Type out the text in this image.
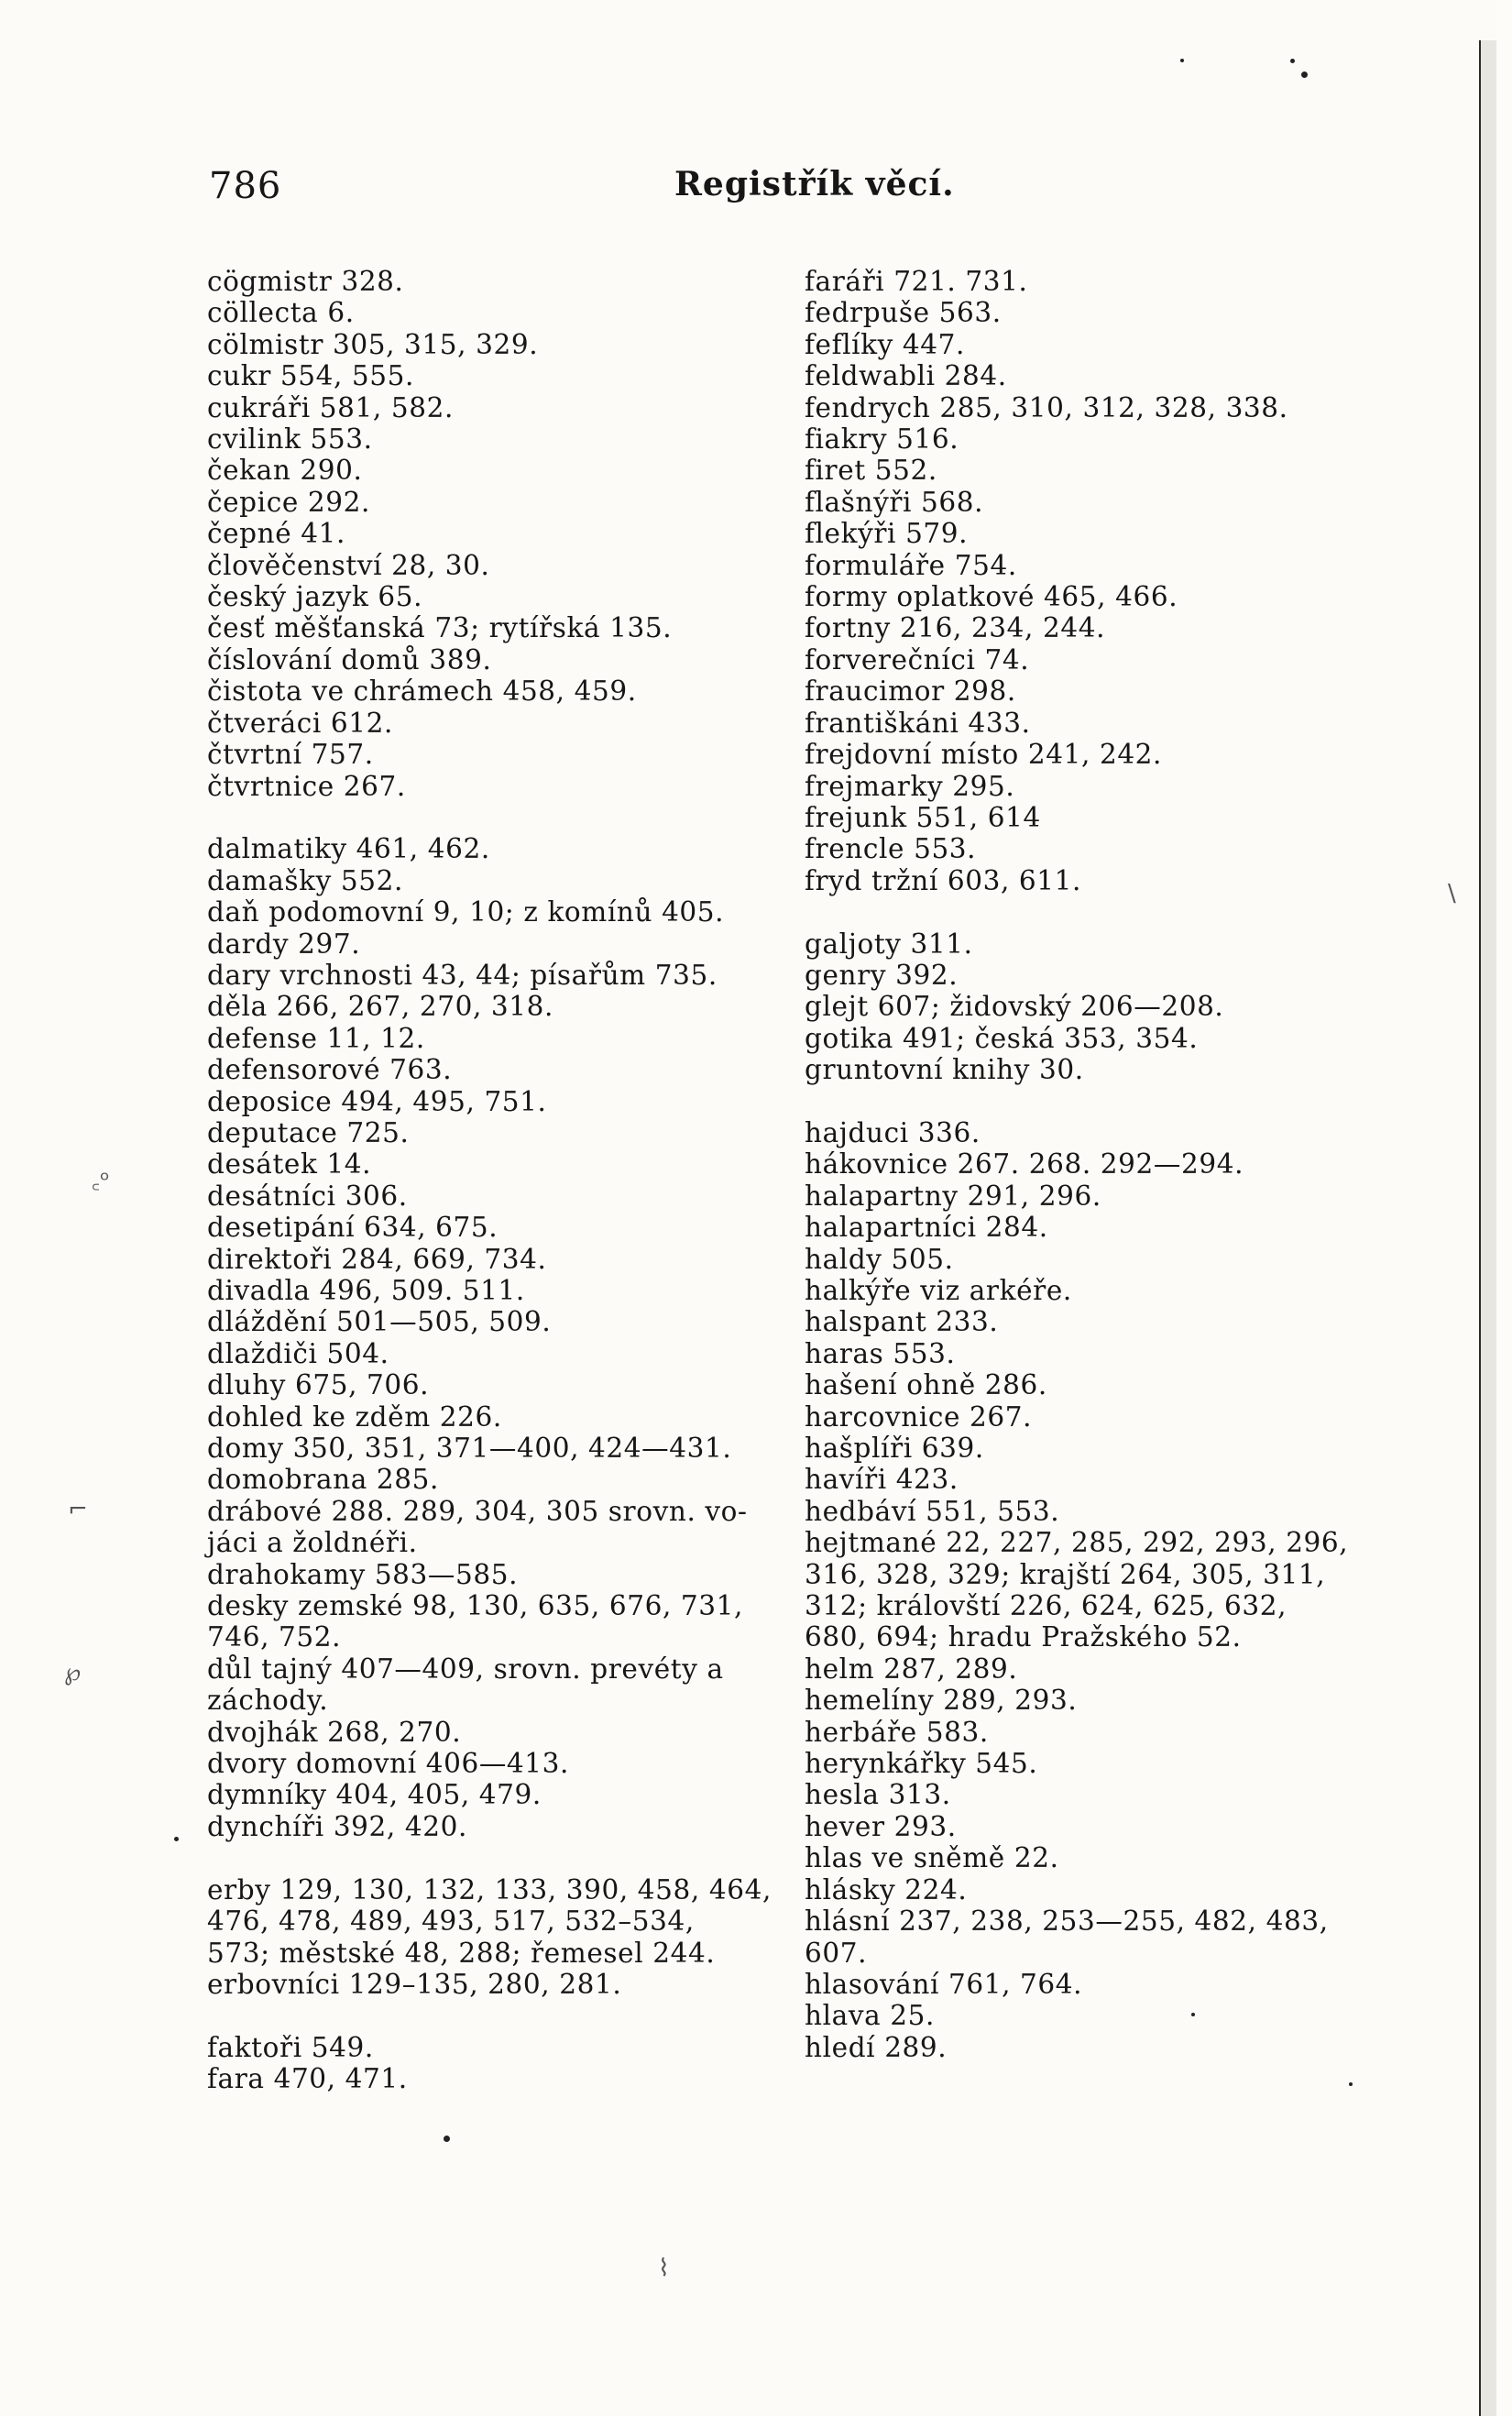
786	Registřík věcí.
cögmistr 328.
cöllecta 6.
cölmistr 305, 315, 329.
cukr 554, 555.
cukráři 581, 582.
cvilink 553.
čekan 290.
čepice 292.
čepné 41.
člověčenství 28, 30.
český jazyk 65.
česť měšťanská 73; rytířská 135.
číslování domů 389.
čistota ve chrámech 458, 459.
čtveráci 612.
čtvrtní 757.
čtvrtnice 267.
dalmatiky 461, 462.
damašky 552.
daň podomovní 9, 10; z komínů 405.
dardy 297.
dary vrchnosti 43, 44; písařům 735.
děla 266, 267, 270, 318.
defense 11, 12.
defensorové 763.
deposice 494, 495, 751.
deputace 725.
desátek 14.
desátníci 306.
desetipání 634, 675.
direktoři 284, 669, 734.
divadla 496, 509. 511.
dláždění 501—505, 509.
dlaždiči 504.
dluhy 675, 706.
dohled ke zděm 226.
domy 350, 351, 371—400, 424—431.
domobrana 285.
drábové 288. 289, 304, 305 srovn. vo-
jáci a žoldnéři.
drahokamy 583—585.
desky zemské 98, 130, 635, 676, 731,
746, 752.
důl tajný 407—409, srovn. prevéty a
záchody.
dvojhák 268, 270.
dvory domovní 406—413.
dymníky 404, 405, 479.
dynchíři 392, 420.
erby 129, 130, 132, 133, 390, 458, 464,
476, 478, 489, 493, 517, 532–534,
573; městské 48, 288; řemesel 244.
erbovníci 129–135, 280, 281.
faktoři 549.
fara 470, 471.
faráři 721. 731.
fedrpuše 563.
feflíky 447.
feldwabli 284.
fendrych 285, 310, 312, 328, 338.
fiakry 516.
firet 552.
flašnýři 568.
flekýři 579.
formuláře 754.
formy oplatkové 465, 466.
fortny 216, 234, 244.
forverečníci 74.
fraucimor 298.
františkáni 433.
frejdovní místo 241, 242.
frejmarky 295.
frejunk 551, 614
frencle 553.
fryd tržní 603, 611.
galjoty 311.
genry 392.
glejt 607; židovský 206—208.
gotika 491; česká 353, 354.
gruntovní knihy 30.
hajduci 336.
hákovnice 267. 268. 292—294.
halapartny 291, 296.
halapartníci 284.
haldy 505.
halkýře viz arkéře.
halspant 233.
haras 553.
hašení ohně 286.
harcovnice 267.
hašplíři 639.
havíři 423.
hedbáví 551, 553.
hejtmané 22, 227, 285, 292, 293, 296,
316, 328, 329; krajští 264, 305, 311,
312; královští 226, 624, 625, 632,
680, 694; hradu Pražského 52.
helm 287, 289.
hemelíny 289, 293.
herbáře 583.
herynkářky 545.
hesla 313.
hever 293.
hlas ve sněmě 22.
hlásky 224.
hlásní 237, 238, 253—255, 482, 483,
607.
hlasování 761, 764.
hlava 25.
hledí 289.
꜀ᵒ
⌐
℘
⌇
\
